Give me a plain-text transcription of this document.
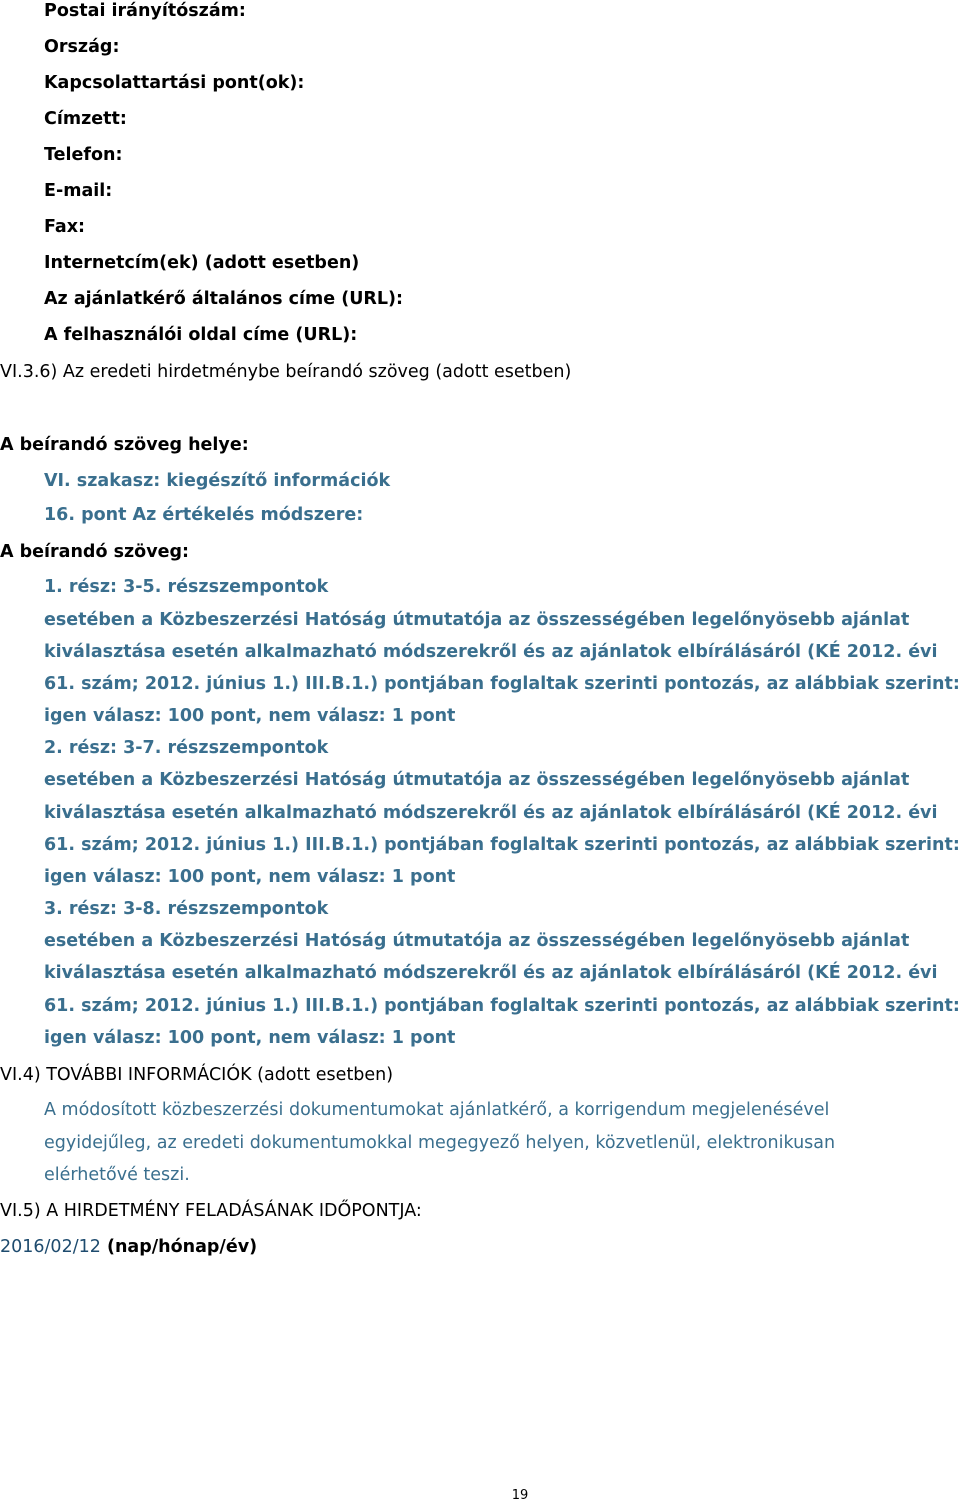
Postai irányítószám:
Ország:
Kapcsolattartási pont(ok):
Címzett:
Telefon:
E-mail:
Fax:
Internetcím(ek) (adott esetben)
Az ajánlatkérő általános címe (URL):
A felhasználói oldal címe (URL):
VI.3.6) Az eredeti hirdetménybe beírandó szöveg (adott esetben)
A beírandó szöveg helye:
VI. szakasz: kiegészítő információk
16. pont Az értékelés módszere:
A beírandó szöveg:
1. rész: 3-5. részszempontok
esetében a Közbeszerzési Hatóság útmutatója az összességében legelőnyösebb ajánlat
kiválasztása esetén alkalmazható módszerekről és az ajánlatok elbírálásáról (KÉ 2012. évi
61. szám; 2012. június 1.) III.B.1.) pontjában foglaltak szerinti pontozás, az alábbiak szerint:
igen válasz: 100 pont, nem válasz: 1 pont
2. rész: 3-7. részszempontok
esetében a Közbeszerzési Hatóság útmutatója az összességében legelőnyösebb ajánlat
kiválasztása esetén alkalmazható módszerekről és az ajánlatok elbírálásáról (KÉ 2012. évi
61. szám; 2012. június 1.) III.B.1.) pontjában foglaltak szerinti pontozás, az alábbiak szerint:
igen válasz: 100 pont, nem válasz: 1 pont
3. rész: 3-8. részszempontok
esetében a Közbeszerzési Hatóság útmutatója az összességében legelőnyösebb ajánlat
kiválasztása esetén alkalmazható módszerekről és az ajánlatok elbírálásáról (KÉ 2012. évi
61. szám; 2012. június 1.) III.B.1.) pontjában foglaltak szerinti pontozás, az alábbiak szerint:
igen válasz: 100 pont, nem válasz: 1 pont
VI.4) TOVÁBBI INFORMÁCIÓK (adott esetben)
A módosított közbeszerzési dokumentumokat ajánlatkérő, a korrigendum megjelenésével
egyidejűleg, az eredeti dokumentumokkal megegyező helyen, közvetlenül, elektronikusan
elérhetővé teszi.
VI.5) A HIRDETMÉNY FELADÁSÁNAK IDŐPONTJA:
2016/02/12 (nap/hónap/év)
19
